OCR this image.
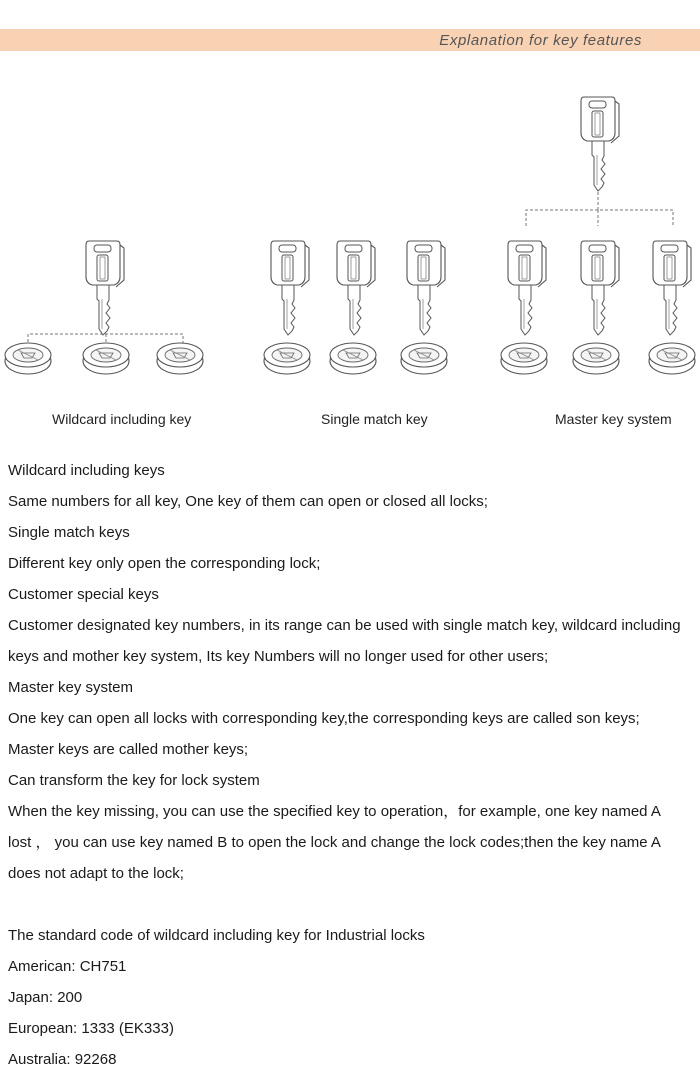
Explanation for key features
Wildcard including key	Single match key	Master key system
Wildcard including keys
Same numbers for all key, One key of them can open or closed all locks;
Single match keys
Different key only open the corresponding lock;
Customer special keys
Customer designated key numbers, in its range can be used with single match key, wildcard including
keys and mother key system, Its key Numbers will no longer used for other users;
Master key system
One key can open all locks with corresponding key,the corresponding keys are called son keys;
Master keys are called mother keys;
Can transform the key for lock system
When the key missing, you can use the specified key to operation，for example, one key named A
lost ， you can use key named B to open the lock and change the lock codes;then the key name A
does not adapt to the lock;
The standard code of wildcard including key for Industrial locks
American: CH751
Japan: 200
European: 1333 (EK333)
Australia: 92268
